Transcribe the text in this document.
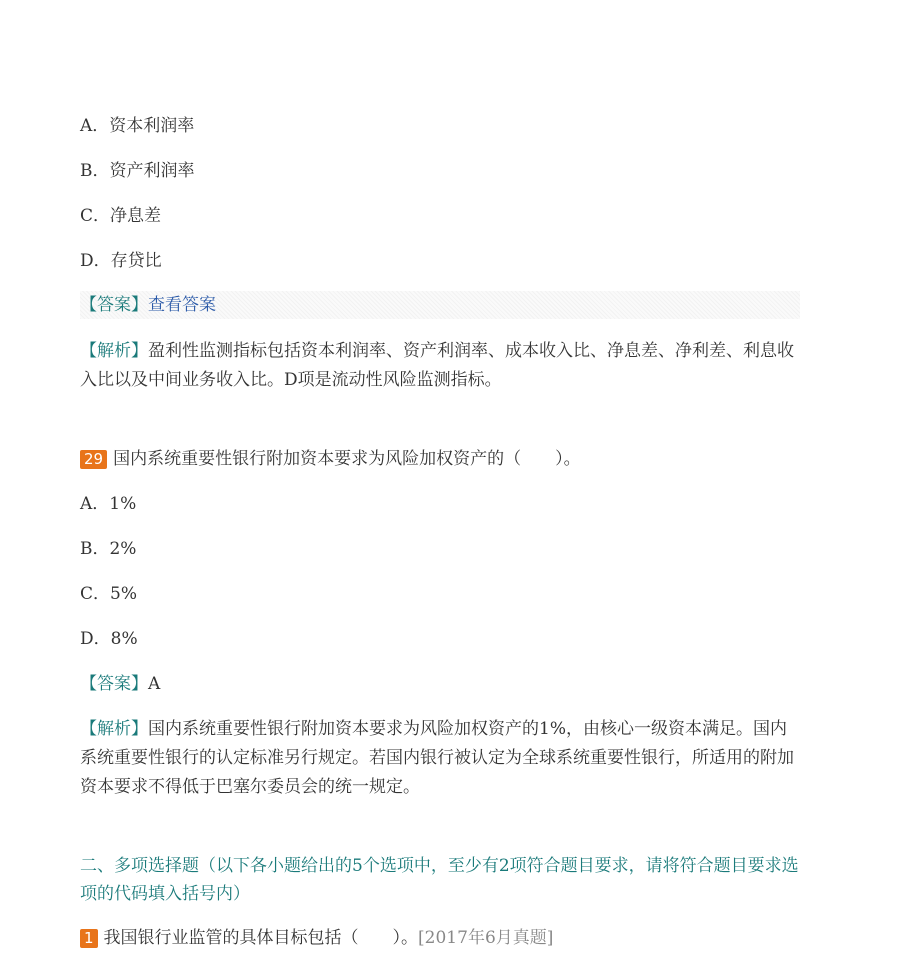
A．资本利润率
B．资产利润率
C．净息差
D．存贷比
【答案】查看答案
【解析】盈利性监测指标包括资本利润率、资产利润率、成本收入比、净息差、净利差、利息收入比以及中间业务收入比。D项是流动性风险监测指标。
29 国内系统重要性银行附加资本要求为风险加权资产的（　　）。
A．1%
B．2%
C．5%
D．8%
【答案】A
【解析】国内系统重要性银行附加资本要求为风险加权资产的1%，由核心一级资本满足。国内系统重要性银行的认定标准另行规定。若国内银行被认定为全球系统重要性银行，所适用的附加资本要求不得低于巴塞尔委员会的统一规定。
二、多项选择题（以下各小题给出的5个选项中，至少有2项符合题目要求，请将符合题目要求选项的代码填入括号内）
1 我国银行业监管的具体目标包括（　　）。[2017年6月真题]
